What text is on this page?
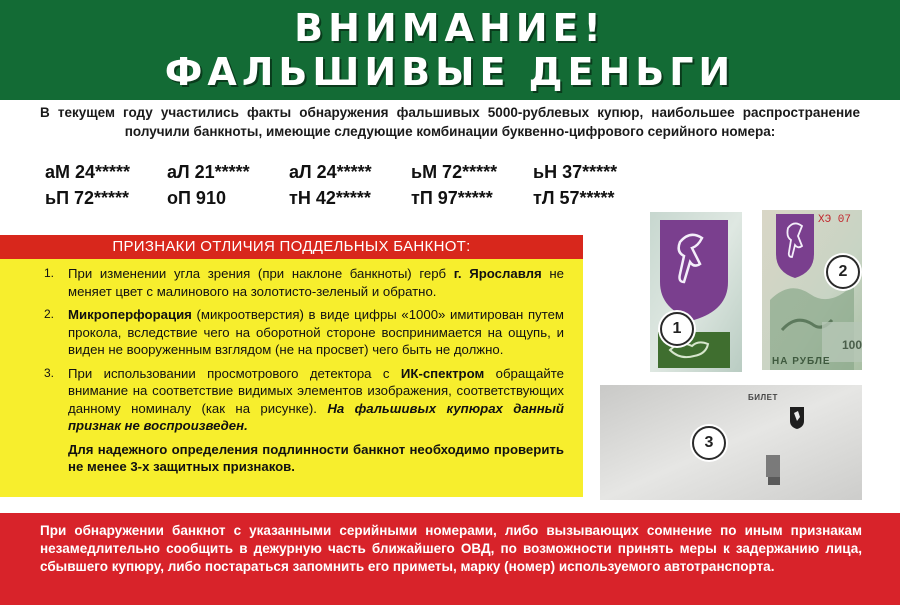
ВНИМАНИЕ!
ФАЛЬШИВЫЕ ДЕНЬГИ
В текущем году участились факты обнаружения фальшивых 5000-рублевых купюр, наибольшее распространение получили банкноты, имеющие следующие комбинации буквенно-цифрового серийного номера:
аМ 24*****	аЛ 21*****	аЛ 24*****	ьМ 72*****	ьН 37*****
ьП 72*****	оП 910	тН 42*****	тП 97*****	тЛ 57*****
ПРИЗНАКИ ОТЛИЧИЯ ПОДДЕЛЬНЫХ БАНКНОТ:
1.	При изменении угла зрения (при наклоне банкноты) герб г. Ярославля не меняет цвет с малинового на золотисто-зеленый и обратно.
2.	Микроперфорация (микроотверстия) в виде цифры «1000» имитирован путем прокола, вследствие чего на оборотной стороне воспринимается на ощупь, и виден не вооруженным взглядом (не на просвет) чего быть не должно.
3.	При использовании просмотрового детектора с ИК-спектром обращайте внимание на соответствие видимых элементов изображения, соответствующих данному номиналу (как на рисунке). На фальшивых купюрах данный признак не воспроизведен.
Для надежного определения подлинности банкнот необходимо проверить не менее 3-х защитных признаков.
1
ХЭ 07
100
НА РУБЛЕ
2
БИЛЕТ
3
При обнаружении банкнот с указанными серийными номерами, либо вызывающих сомнение по иным признакам незамедлительно сообщить в дежурную часть ближайшего ОВД, по возможности принять меры к задержанию лица, сбывшего купюру, либо постараться запомнить его приметы, марку (номер) используемого автотранспорта.
